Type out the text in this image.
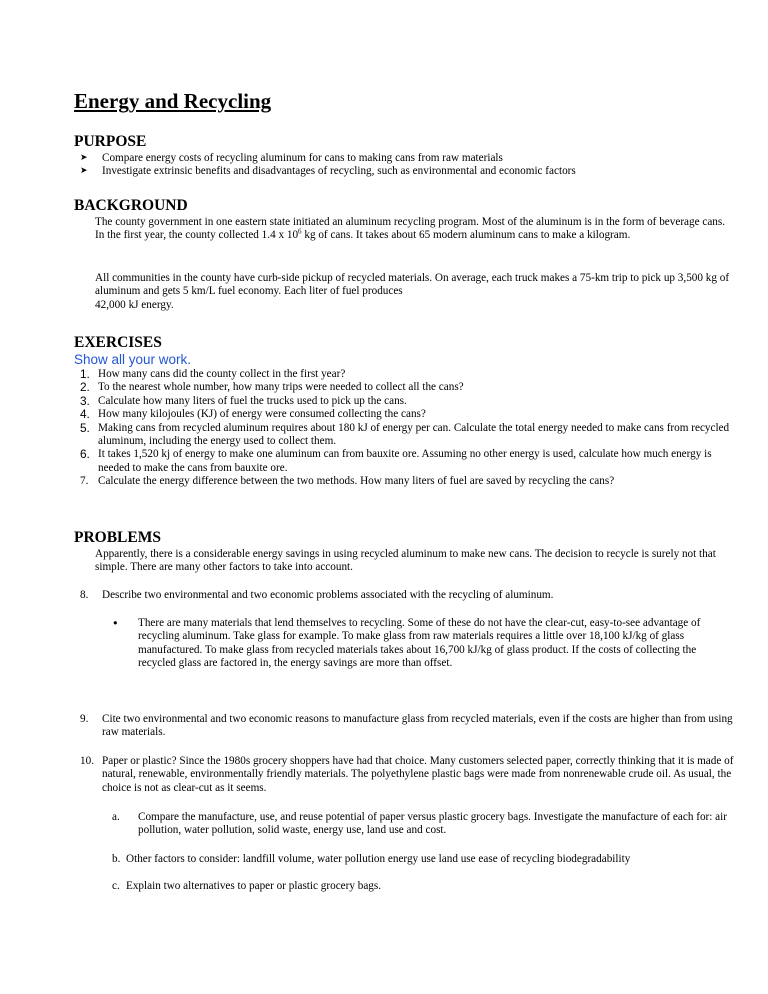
Energy and Recycling
PURPOSE
➤	Compare energy costs of recycling aluminum for cans to making cans from raw materials
➤	Investigate extrinsic benefits and disadvantages of recycling, such as environmental and economic factors
BACKGROUND

The county government in one eastern state initiated an aluminum recycling program. Most of the aluminum is in the form of beverage cans. In the first year, the county collected 1.4 x $10^6$ kg of cans. It takes about 65 modern aluminum cans to make a kilogram.

All communities in the county have curb-side pickup of recycled materials. On average, each truck makes a 75-km trip to pick up 3,500 kg of aluminum and gets 5 km/L fuel economy. Each liter of fuel produces

42,000 kJ energy.

EXERCISES
Show all your work.
1. How many cans did the county collect in the first year?
2. To the nearest whole number, how many trips were needed to collect all the cans?
3. Calculate how many liters of fuel the trucks used to pick up the cans.
4. How many kilojoules (KJ) of energy were consumed collecting the cans?
5. Making cans from recycled aluminum requires about 180 kJ of energy per can. Calculate the total energy needed to make cans from recycled aluminum, including the energy used to collect them.
6. It takes 1,520 kj of energy to make one aluminum can from bauxite ore. Assuming no other energy is used, calculate how much energy is needed to make the cans from bauxite ore.
7. Calculate the energy difference between the two methods. How many liters of fuel are saved by recycling the cans?
PROBLEMS
Apparently, there is a considerable energy savings in using recycled aluminum to make new cans. The decision to recycle is surely not that simple. There are many other factors to take into account.
8.	Describe two environmental and two economic problems associated with the recycling of aluminum.
•	There are many materials that lend themselves to recycling. Some of these do not have the clear-cut, easy-to-see advantage of recycling aluminum. Take glass for example. To make glass from raw materials requires a little over 18,100 kJ/kg of glass manufactured. To make glass from recycled materials takes about 16,700 kJ/kg of glass product. If the costs of collecting the recycled glass are factored in, the energy savings are more than offset.
9.	Cite two environmental and two economic reasons to manufacture glass from recycled materials, even if the costs are higher than from using raw materials.
10. Paper or plastic? Since the 1980s grocery shoppers have had that choice. Many customers selected paper, correctly thinking that it is made of natural, renewable, environmentally friendly materials. The polyethylene plastic bags were made from nonrenewable crude oil. As usual, the choice is not as clear-cut as it seems.
a.	Compare the manufacture, use, and reuse potential of paper versus plastic grocery bags. Investigate the manufacture of each for: air pollution, water pollution, solid waste, energy use, land use and cost.
b. Other factors to consider: landfill volume, water pollution energy use land use ease of recycling biodegradability
c. Explain two alternatives to paper or plastic grocery bags.
